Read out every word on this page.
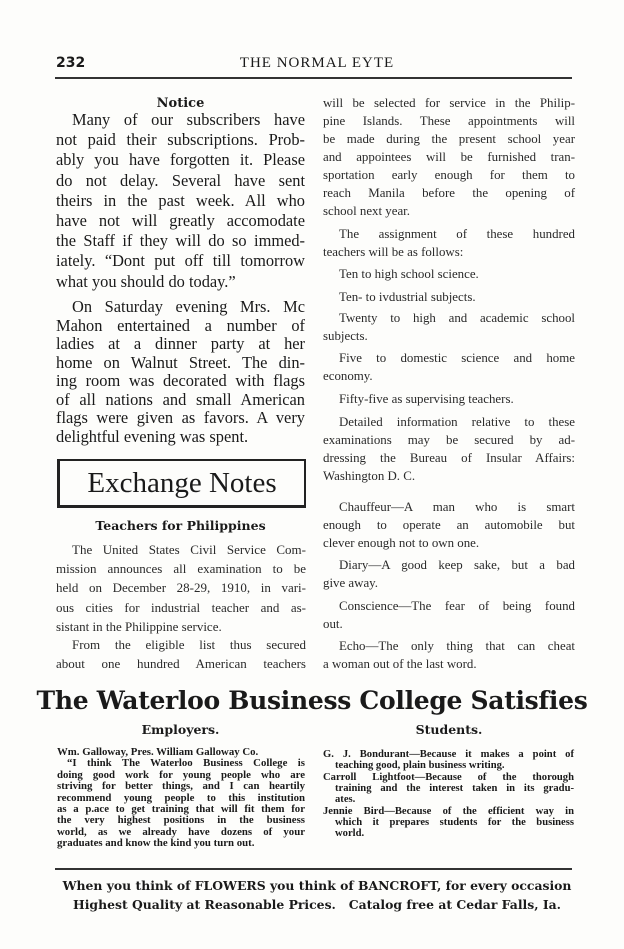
232	THE NORMAL EYTE
Notice
Many of our subscribers have
not paid their subscriptions. Prob-
ably you have forgotten it. Please
do not delay. Several have sent
theirs in the past week. All who
have not will greatly accomodate
the Staff if they will do so immed-
iately. “Dont put off till tomorrow
what you should do today.”
On Saturday evening Mrs. Mc
Mahon entertained a number of
ladies at a dinner party at her
home on Walnut Street. The din-
ing room was decorated with flags
of all nations and small American
flags were given as favors. A very
delightful evening was spent.
Exchange Notes
Teachers for Philippines
The United States Civil Service Com-
mission announces all examination to be
held on December 28-29, 1910, in vari-
ous cities for industrial teacher and as-
sistant in the Philippine service.
From the eligible list thus secured
about one hundred American teachers
will be selected for service in the Philip-
pine Islands. These appointments will
be made during the present school year
and appointees will be furnished tran-
sportation early enough for them to
reach Manila before the opening of
school next year.
The assignment of these hundred
teachers will be as follows:
Ten to high school science.
Ten- to ivdustrial subjects.
Twenty to high and academic school
subjects.
Five to domestic science and home
economy.
Fifty-five as supervising teachers.
Detailed information relative to these
examinations may be secured by ad-
dressing the Bureau of Insular Affairs:
Washington D. C.
Chauffeur—A man who is smart
enough to operate an automobile but
clever enough not to own one.
Diary—A good keep sake, but a bad
give away.
Conscience—The fear of being found
out.
Echo—The only thing that can cheat
a woman out of the last word.
The Waterloo Business College Satisfies
Employers.	Students.
Wm. Galloway, Pres. William Galloway Co.
“I think The Waterloo Business College is
doing good work for young people who are
striving for better things, and I can heartily
recommend young people to this institution
as a p.ace to get training that will fit them for
the very highest positions in the business
world, as we already have dozens of your
graduates and know the kind you turn out.
G. J. Bondurant—Because it makes a point of
teaching good, plain business writing.
Carroll Lightfoot—Because of the thorough
training and the interest taken in its gradu-
ates.
Jennie Bird—Because of the efficient way in
which it prepares students for the business
world.
When you think of FLOWERS you think of BANCROFT, for every occasion
Highest Quality at Reasonable Prices.   Catalog free at Cedar Falls, Ia.
